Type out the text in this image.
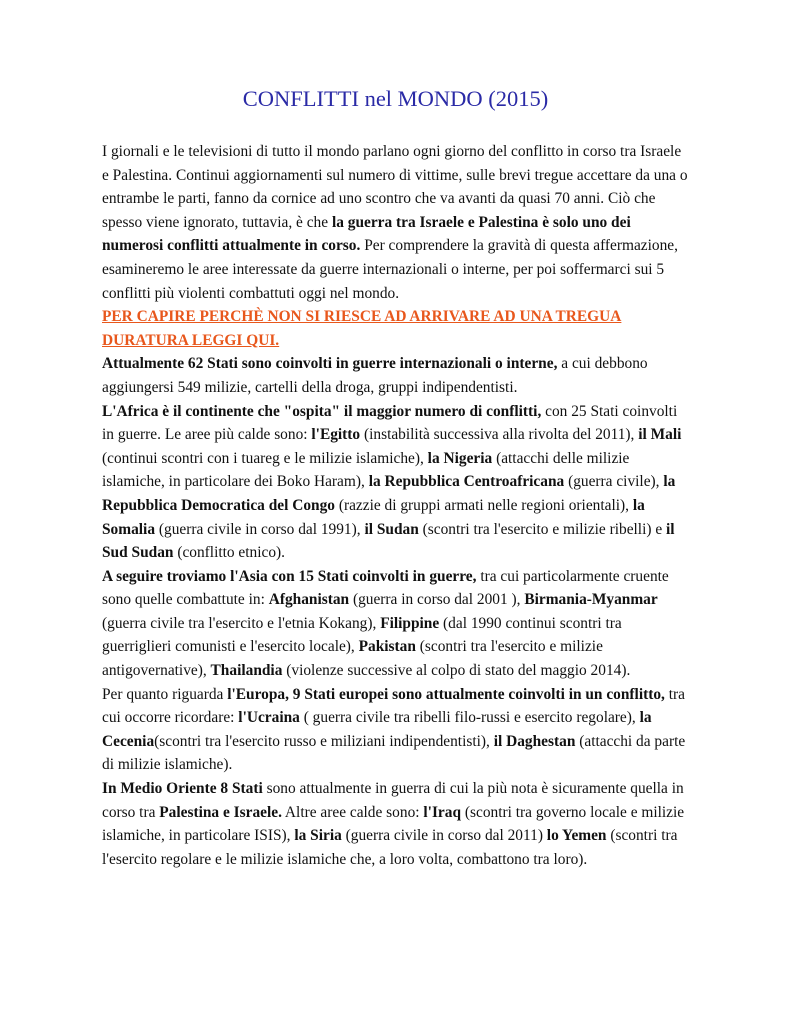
CONFLITTI nel MONDO (2015)

I giornali e le televisioni di tutto il mondo parlano ogni giorno del conflitto in corso tra Israele e Palestina. Continui aggiornamenti sul numero di vittime, sulle brevi tregue accettare da una o entrambe le parti, fanno da cornice ad uno scontro che va avanti da quasi 70 anni. Ciò che spesso viene ignorato, tuttavia, è che la guerra tra Israele e Palestina è solo uno dei numerosi conflitti attualmente in corso. Per comprendere la gravità di questa affermazione, esamineremo le aree interessate da guerre internazionali o interne, per poi soffermarci sui 5 conflitti più violenti combattuti oggi nel mondo.

PER CAPIRE PERCHÈ NON SI RIESCE AD ARRIVARE AD UNA TREGUA DURATURA LEGGI QUI.

Attualmente 62 Stati sono coinvolti in guerre internazionali o interne, a cui debbono aggiungersi 549 milizie, cartelli della droga, gruppi indipendentisti.

L'Africa è il continente che "ospita" il maggior numero di conflitti, con 25 Stati coinvolti in guerre. Le aree più calde sono: l'Egitto (instabilità successiva alla rivolta del 2011), il Mali (continui scontri con i tuareg e le milizie islamiche), la Nigeria (attacchi delle milizie islamiche, in particolare dei Boko Haram), la Repubblica Centroafricana (guerra civile), la Repubblica Democratica del Congo (razzie di gruppi armati nelle regioni orientali), la Somalia (guerra civile in corso dal 1991), il Sudan (scontri tra l'esercito e milizie ribelli) e il Sud Sudan (conflitto etnico).

A seguire troviamo l'Asia con 15 Stati coinvolti in guerre, tra cui particolarmente cruente sono quelle combattute in: Afghanistan (guerra in corso dal 2001 ), Birmania-Myanmar (guerra civile tra l'esercito e l'etnia Kokang), Filippine (dal 1990 continui scontri tra guerriglieri comunisti e l'esercito locale), Pakistan (scontri tra l'esercito e milizie antigovernative), Thailandia (violenze successive al colpo di stato del maggio 2014).

Per quanto riguarda l'Europa, 9 Stati europei sono attualmente coinvolti in un conflitto, tra cui occorre ricordare: l'Ucraina ( guerra civile tra ribelli filo-russi e esercito regolare), la Cecenia(scontri tra l'esercito russo e miliziani indipendentisti), il Daghestan (attacchi da parte di milizie islamiche).

In Medio Oriente 8 Stati sono attualmente in guerra di cui la più nota è sicuramente quella in corso tra Palestina e Israele. Altre aree calde sono: l'Iraq (scontri tra governo locale e milizie islamiche, in particolare ISIS), la Siria (guerra civile in corso dal 2011) lo Yemen (scontri tra l'esercito regolare e le milizie islamiche che, a loro volta, combattono tra loro).
